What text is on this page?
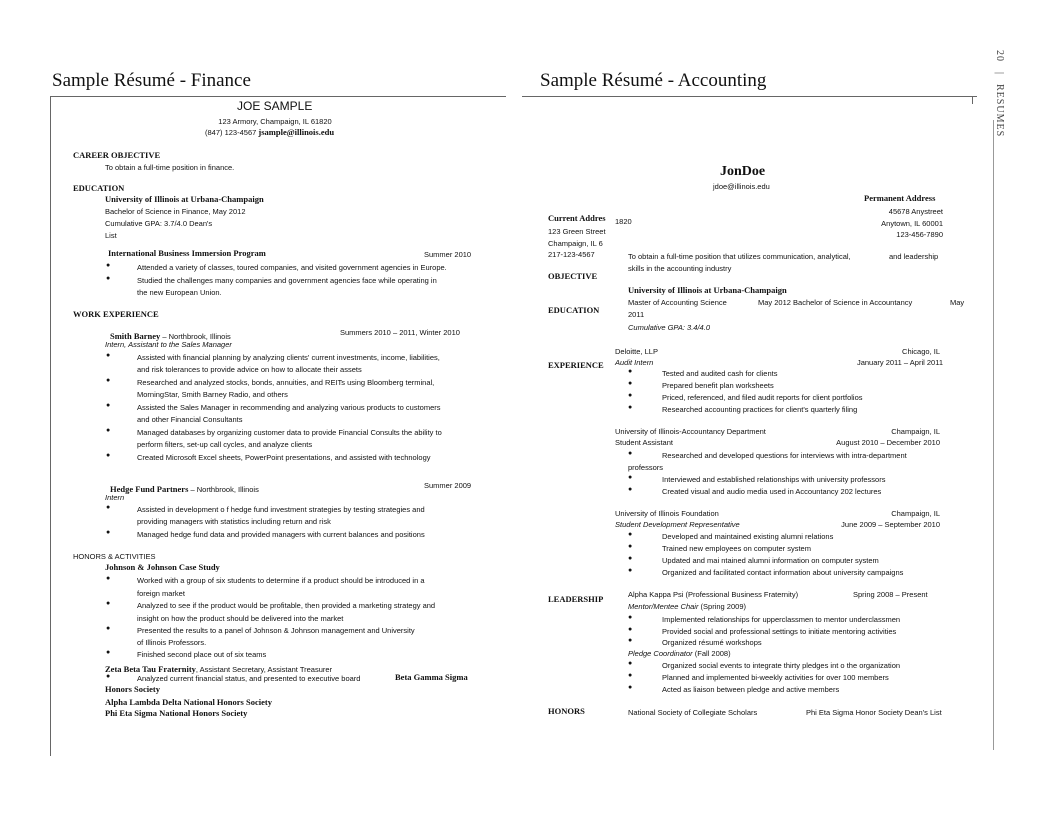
20 | RESUMES
Sample Résumé - Finance
JOE SAMPLE
123 Armory, Champaign, IL 61820
(847) 123-4567 jsample@illinois.edu
CAREER OBJECTIVE
To obtain a full-time position in finance.
EDUCATION
University of Illinois at Urbana-Champaign
Bachelor of Science in Finance, May 2012
Cumulative GPA: 3.7/4.0 Dean's
List
International Business Immersion Program	Summer 2010
●	Attended a variety of classes, toured companies, and visited government agencies in Europe.
●	Studied the challenges many companies and government agencies face while operating in
the new European Union.
WORK EXPERIENCE
Smith Barney – Northbrook, Illinois	Summers 2010 – 2011, Winter 2010
Intern, Assistant to the Sales Manager
●	Assisted with financial planning by analyzing clients' current investments, income, liabilities,
and risk tolerances to provide advice on how to allocate their assets
●	Researched and analyzed stocks, bonds, annuities, and REITs using Bloomberg terminal,
MorningStar, Smith Barney Radio, and others
●	Assisted the Sales Manager in recommending and analyzing various products to customers
and other Financial Consultants
●	Managed databases by organizing customer data to provide Financial Consults the ability to
perform filters, set-up call cycles, and analyze clients
●	Created Microsoft Excel sheets, PowerPoint presentations, and assisted with technology
Hedge Fund Partners – Northbrook, Illinois	Summer 2009
Intern
●	Assisted in development o f hedge fund investment strategies by testing strategies and
providing managers with statistics including return and risk
●	Managed hedge fund data and provided managers with current balances and positions
HONORS & ACTIVITIES
Johnson & Johnson Case Study
●	Worked with a group of six students to determine if a product should be introduced in a
foreign market
●	Analyzed to see if the product would be profitable, then provided a marketing strategy and
insight on how the product should be delivered into the market
●	Presented the results to a panel of Johnson & Johnson management and University
of Illinois Professors.
●	Finished second place out of six teams
Zeta Beta Tau Fraternity, Assistant Secretary, Assistant Treasurer
●	Analyzed current financial status, and presented to executive board	Beta Gamma Sigma
Honors Society
Alpha Lambda Delta National Honors Society
Phi Eta Sigma National Honors Society
Sample Résumé - Accounting
JonDoe
jdoe@illinois.edu
Permanent Address
45678 Anystreet
Anytown, IL 60001
123-456-7890
Current Addres 1820
123 Green Street
Champaign, IL 6
217-123-4567	To obtain a full-time position that utilizes communication, analytical,	and leadership
skills in the accounting industry
OBJECTIVE
University of Illinois at Urbana-Champaign
Master of Accounting Science	May 2012 Bachelor of Science in Accountancy	May
EDUCATION	2011
Cumulative GPA: 3.4/4.0
EXPERIENCE
Deloitte, LLP	Chicago, IL
Audit Intern	January 2011 – April 2011
●	Tested and audited cash for clients
●	Prepared benefit plan worksheets
●	Priced, referenced, and filed audit reports for client portfolios
●	Researched accounting practices for client's quarterly filing
University of Illinois-Accountancy Department	Champaign, IL
Student Assistant	August 2010 – December 2010
●	Researched and developed questions for interviews with intra-department
professors
●	Interviewed and established relationships with university professors
●	Created visual and audio media used in Accountancy 202 lectures
University of Illinois Foundation	Champaign, IL
Student Development Representative	June 2009 – September 2010
●	Developed and maintained existing alumni relations
●	Trained new employees on computer system
●	Updated and mai ntained alumni information on computer system
●	Organized and facilitated contact information about university campaigns
LEADERSHIP	Alpha Kappa Psi (Professional Business Fraternity)	Spring 2008 – Present
Mentor/Mentee Chair (Spring 2009)
●	Implemented relationships for upperclassmen to mentor underclassmen
●	Provided social and professional settings to initiate mentoring activities
●	Organized résumé workshops
Pledge Coordinator (Fall 2008)
●	Organized social events to integrate thirty pledges int o the organization
●	Planned and implemented bi-weekly activities for over 100 members
●	Acted as liaison between pledge and active members
HONORS	National Society of Collegiate Scholars	Phi Eta Sigma Honor Society Dean's List
